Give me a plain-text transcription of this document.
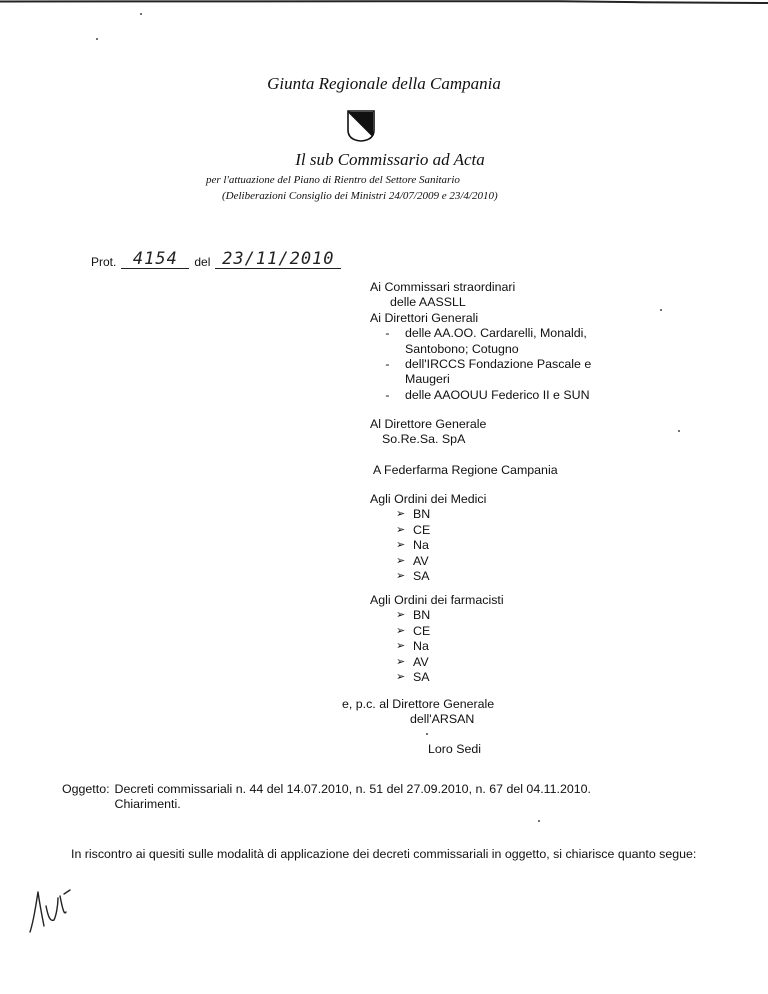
Giunta Regionale della Campania
Il sub Commissario ad Acta
per l'attuazione del Piano di Rientro del Settore Sanitario
(Deliberazioni Consiglio dei Ministri 24/07/2009 e 23/4/2010)
Prot. 4154	del 23/11/2010
Ai Commissari straordinari
delle AASSLL
Ai Direttori Generali
-	delle AA.OO. Cardarelli, Monaldi,
Santobono; Cotugno
-	dell'IRCCS Fondazione Pascale e
Maugeri
-	delle AAOOUU Federico II e SUN
Al Direttore Generale
So.Re.Sa. SpA
A Federfarma Regione Campania
Agli Ordini dei Medici
➢ BN
➢ CE
➢ Na
➢ AV
➢ SA
Agli Ordini dei farmacisti
➢ BN
➢ CE
➢ Na
➢ AV
➢ SA
e, p.c. al Direttore Generale
dell'ARSAN
Loro Sedi
Oggetto: Decreti commissariali n. 44 del 14.07.2010, n. 51 del 27.09.2010, n. 67 del 04.11.2010.
Chiarimenti.
In riscontro ai quesiti sulle modalità di applicazione dei decreti commissariali in oggetto, si chiarisce quanto segue:
